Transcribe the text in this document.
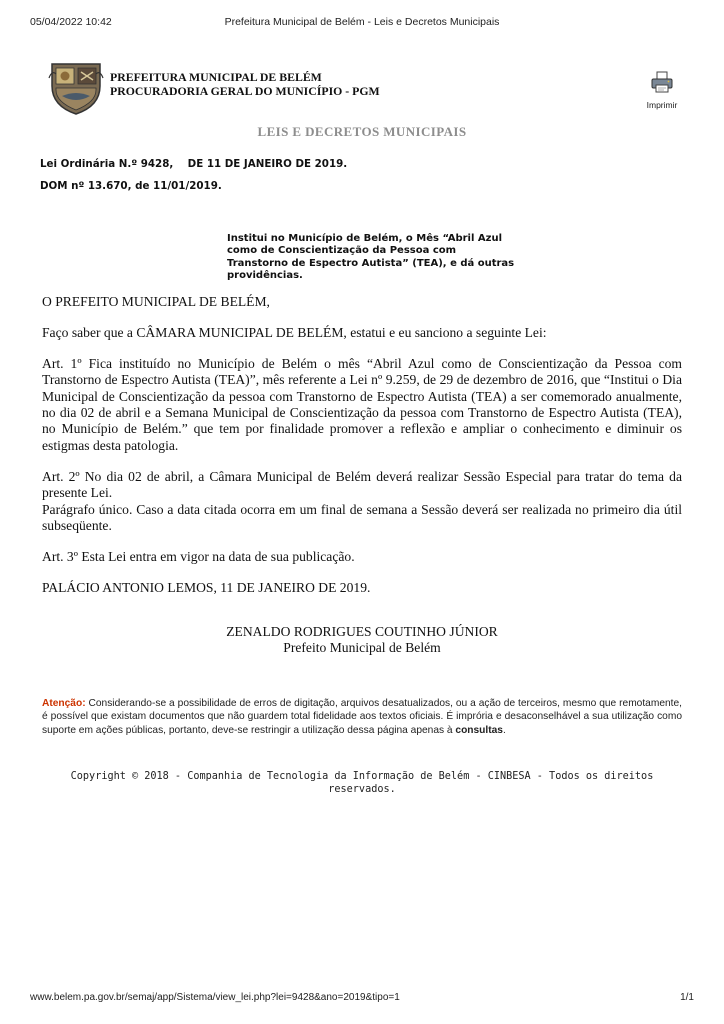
05/04/2022 10:42	Prefeitura Municipal de Belém - Leis e Decretos Municipais
PREFEITURA MUNICIPAL DE BELÉM
PROCURADORIA GERAL DO MUNICÍPIO - PGM
Imprimir
LEIS E DECRETOS MUNICIPAIS
Lei Ordinária N.º 9428, DE 11 DE JANEIRO DE 2019.
DOM nº 13.670, de 11/01/2019.
Institui no Município de Belém, o Mês “Abril Azul como de Conscientização da Pessoa com Transtorno de Espectro Autista” (TEA), e dá outras providências.

O PREFEITO MUNICIPAL DE BELÉM,

Faço saber que a CÂMARA MUNICIPAL DE BELÉM, estatui e eu sanciono a seguinte Lei:

Art. 1º Fica instituído no Município de Belém o mês “Abril Azul como de Conscientização da Pessoa com Transtorno de Espectro Autista (TEA)”, mês referente a Lei nº 9.259, de 29 de dezembro de 2016, que “Institui o Dia Municipal de Conscientização da pessoa com Transtorno de Espectro Autista (TEA) a ser comemorado anualmente, no dia 02 de abril e a Semana Municipal de Conscientização da pessoa com Transtorno de Espectro Autista (TEA), no Município de Belém.” que tem por finalidade promover a reflexão e ampliar o conhecimento e diminuir os estigmas desta patologia.

Art. 2º No dia 02 de abril, a Câmara Municipal de Belém deverá realizar Sessão Especial para tratar do tema da presente Lei.

Parágrafo único. Caso a data citada ocorra em um final de semana a Sessão deverá ser realizada no primeiro dia útil subseqüente.

Art. 3º Esta Lei entra em vigor na data de sua publicação.

PALÁCIO ANTONIO LEMOS, 11 DE JANEIRO DE 2019.

ZENALDO RODRIGUES COUTINHO JÚNIOR
Prefeito Municipal de Belém
Atenção: Considerando-se a possibilidade de erros de digitação, arquivos desatualizados, ou a ação de terceiros, mesmo que remotamente, é possível que existam documentos que não guardem total fidelidade aos textos oficiais. É imprória e desaconselhável a sua utilização como suporte em ações públicas, portanto, deve-se restringir a utilização dessa página apenas à consultas.
Copyright © 2018 - Companhia de Tecnologia da Informação de Belém - CINBESA - Todos os direitos reservados.
www.belem.pa.gov.br/semaj/app/Sistema/view_lei.php?lei=9428&ano=2019&tipo=1	1/1
